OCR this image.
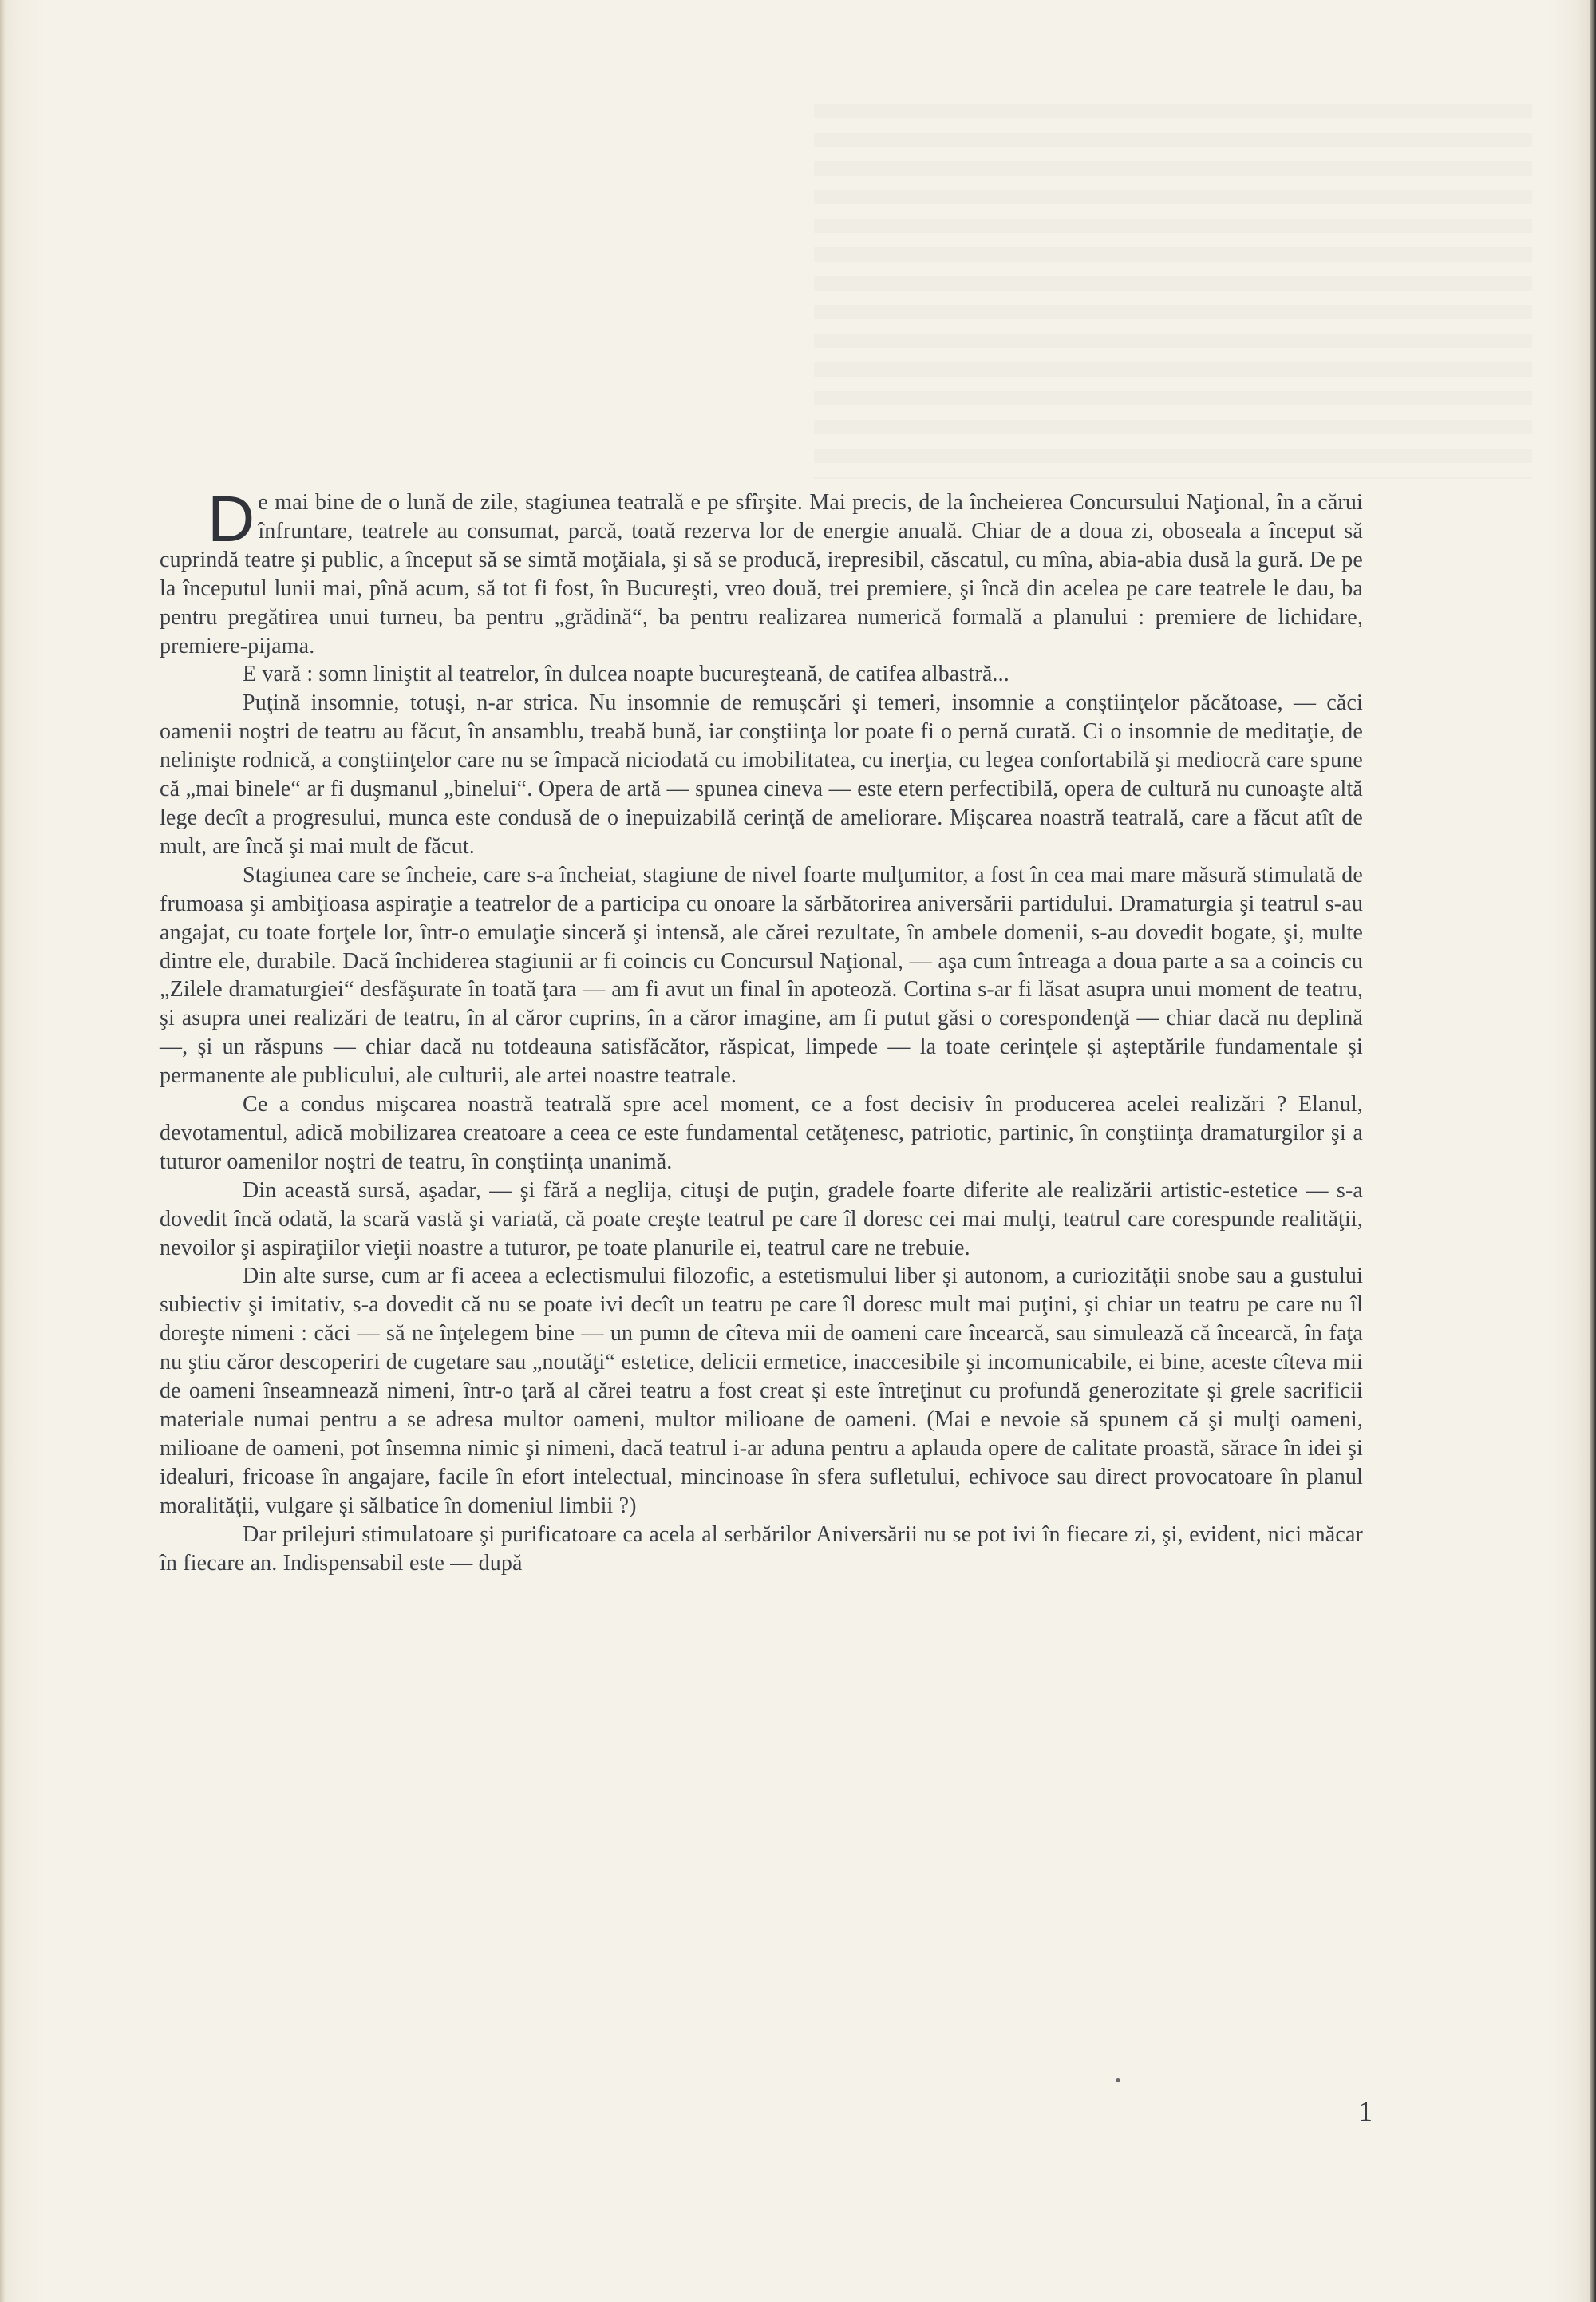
De mai bine de o lună de zile, stagiunea teatrală e pe sfîrşite. Mai precis, de la încheierea Concursului Naţional, în a cărui înfruntare, teatrele au consumat, parcă, toată rezerva lor de energie anuală. Chiar de a doua zi, oboseala a început să cuprindă teatre şi public, a început să se simtă moţăiala, şi să se producă, irepresibil, căscatul, cu mîna, abia-abia dusă la gură. De pe la începutul lunii mai, pînă acum, să tot fi fost, în Bucureşti, vreo două, trei premiere, şi încă din acelea pe care teatrele le dau, ba pentru pregătirea unui turneu, ba pentru „grădină“, ba pentru realizarea numerică formală a planului : premiere de lichidare, premiere-pijama.

E vară : somn liniştit al teatrelor, în dulcea noapte bucureşteană, de catifea albastră...

Puţină insomnie, totuşi, n-ar strica. Nu insomnie de remuşcări şi temeri, insomnie a conştiinţelor păcătoase, — căci oamenii noştri de teatru au făcut, în ansamblu, treabă bună, iar conştiinţa lor poate fi o pernă curată. Ci o insomnie de meditaţie, de nelinişte rodnică, a conştiinţelor care nu se împacă niciodată cu imobilitatea, cu inerţia, cu legea confortabilă şi mediocră care spune că „mai binele“ ar fi duşmanul „binelui“. Opera de artă — spunea cineva — este etern perfectibilă, opera de cultură nu cunoaşte altă lege decît a progresului, munca este condusă de o inepuizabilă cerinţă de ameliorare. Mişcarea noastră teatrală, care a făcut atît de mult, are încă şi mai mult de făcut.

Stagiunea care se încheie, care s-a încheiat, stagiune de nivel foarte mulţumitor, a fost în cea mai mare măsură stimulată de frumoasa şi ambiţioasa aspiraţie a teatrelor de a participa cu onoare la sărbătorirea aniversării partidului. Dramaturgia şi teatrul s-au angajat, cu toate forţele lor, într-o emulaţie sinceră şi intensă, ale cărei rezultate, în ambele domenii, s-au dovedit bogate, şi, multe dintre ele, durabile. Dacă închiderea stagiunii ar fi coincis cu Concursul Naţional, — aşa cum întreaga a doua parte a sa a coincis cu „Zilele dramaturgiei“ desfăşurate în toată ţara — am fi avut un final în apoteoză. Cortina s-ar fi lăsat asupra unui moment de teatru, şi asupra unei realizări de teatru, în al căror cuprins, în a căror imagine, am fi putut găsi o corespondenţă — chiar dacă nu deplină —, şi un răspuns — chiar dacă nu totdeauna satisfăcător, răspicat, limpede — la toate cerinţele şi aşteptările fundamentale şi permanente ale publicului, ale culturii, ale artei noastre teatrale.

Ce a condus mişcarea noastră teatrală spre acel moment, ce a fost decisiv în producerea acelei realizări ? Elanul, devotamentul, adică mobilizarea creatoare a ceea ce este fundamental cetăţenesc, patriotic, partinic, în conştiinţa dramaturgilor şi a tuturor oamenilor noştri de teatru, în conştiinţa unanimă.

Din această sursă, aşadar, — şi fără a neglija, cituşi de puţin, gradele foarte diferite ale realizării artistic-estetice — s-a dovedit încă odată, la scară vastă şi variată, că poate creşte teatrul pe care îl doresc cei mai mulţi, teatrul care corespunde realităţii, nevoilor şi aspiraţiilor vieţii noastre a tuturor, pe toate planurile ei, teatrul care ne trebuie.

Din alte surse, cum ar fi aceea a eclectismului filozofic, a estetismului liber şi autonom, a curiozităţii snobe sau a gustului subiectiv şi imitativ, s-a dovedit că nu se poate ivi decît un teatru pe care îl doresc mult mai puţini, şi chiar un teatru pe care nu îl doreşte nimeni : căci — să ne înţelegem bine — un pumn de cîteva mii de oameni care încearcă, sau simulează că încearcă, în faţa nu ştiu căror descoperiri de cugetare sau „noutăţi“ estetice, delicii ermetice, inaccesibile şi incomunicabile, ei bine, aceste cîteva mii de oameni înseamnează nimeni, într-o ţară al cărei teatru a fost creat şi este întreţinut cu profundă generozitate şi grele sacrificii materiale numai pentru a se adresa multor oameni, multor milioane de oameni. (Mai e nevoie să spunem că şi mulţi oameni, milioane de oameni, pot însemna nimic şi nimeni, dacă teatrul i-ar aduna pentru a aplauda opere de calitate proastă, sărace în idei şi idealuri, fricoase în angajare, facile în efort intelectual, mincinoase în sfera sufletului, echivoce sau direct provocatoare în planul moralităţii, vulgare şi sălbatice în domeniul limbii ?)

Dar prilejuri stimulatoare şi purificatoare ca acela al serbărilor Aniversării nu se pot ivi în fiecare zi, şi, evident, nici măcar în fiecare an. Indispensabil este — după

1
